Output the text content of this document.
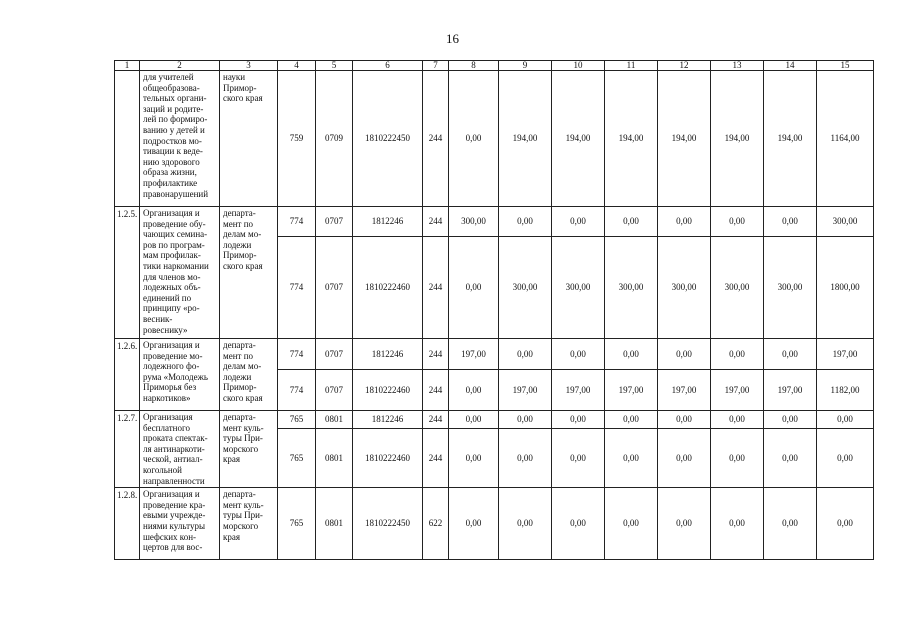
16
1	2	3	4	5	6	7	8	9	10	11	12	13	14	15
	для учителей общеобразова- тельных органи- заций и родите- лей по формиро- ванию у детей и подростков мо- тивации к веде- нию здорового образа жизни, профилактике правонарушений	науки Примор- ского края	759	0709	1810222450	244	0,00	194,00	194,00	194,00	194,00	194,00	194,00	1164,00
1.2.5.	Организация и проведение обу- чающих семина- ров по програм- мам профилак- тики наркомании для членов мо- лодежных объ- единений по принципу «ро- весник- ровеснику»	департа- мент по делам мо- лодежи Примор- ского края	774	0707	1812246	244	300,00	0,00	0,00	0,00	0,00	0,00	0,00	300,00
			774	0707	1810222460	244	0,00	300,00	300,00	300,00	300,00	300,00	300,00	1800,00
1.2.6.	Организация и проведение мо- лодежного фо- рума «Молодежь Приморья без наркотиков»	департа- мент по делам мо- лодежи Примор- ского края	774	0707	1812246	244	197,00	0,00	0,00	0,00	0,00	0,00	0,00	197,00
			774	0707	1810222460	244	0,00	197,00	197,00	197,00	197,00	197,00	197,00	1182,00
1.2.7.	Организация бесплатного проката спектак- ля антинаркоти- ческой, антиал- когольной направленности	департа- мент куль- туры При- морского края	765	0801	1812246	244	0,00	0,00	0,00	0,00	0,00	0,00	0,00	0,00
			765	0801	1810222460	244	0,00	0,00	0,00	0,00	0,00	0,00	0,00	0,00
1.2.8.	Организация и проведение кра- евыми учрежде- ниями культуры шефских кон- цертов для вос-	департа- мент куль- туры При- морского края	765	0801	1810222450	622	0,00	0,00	0,00	0,00	0,00	0,00	0,00	0,00
